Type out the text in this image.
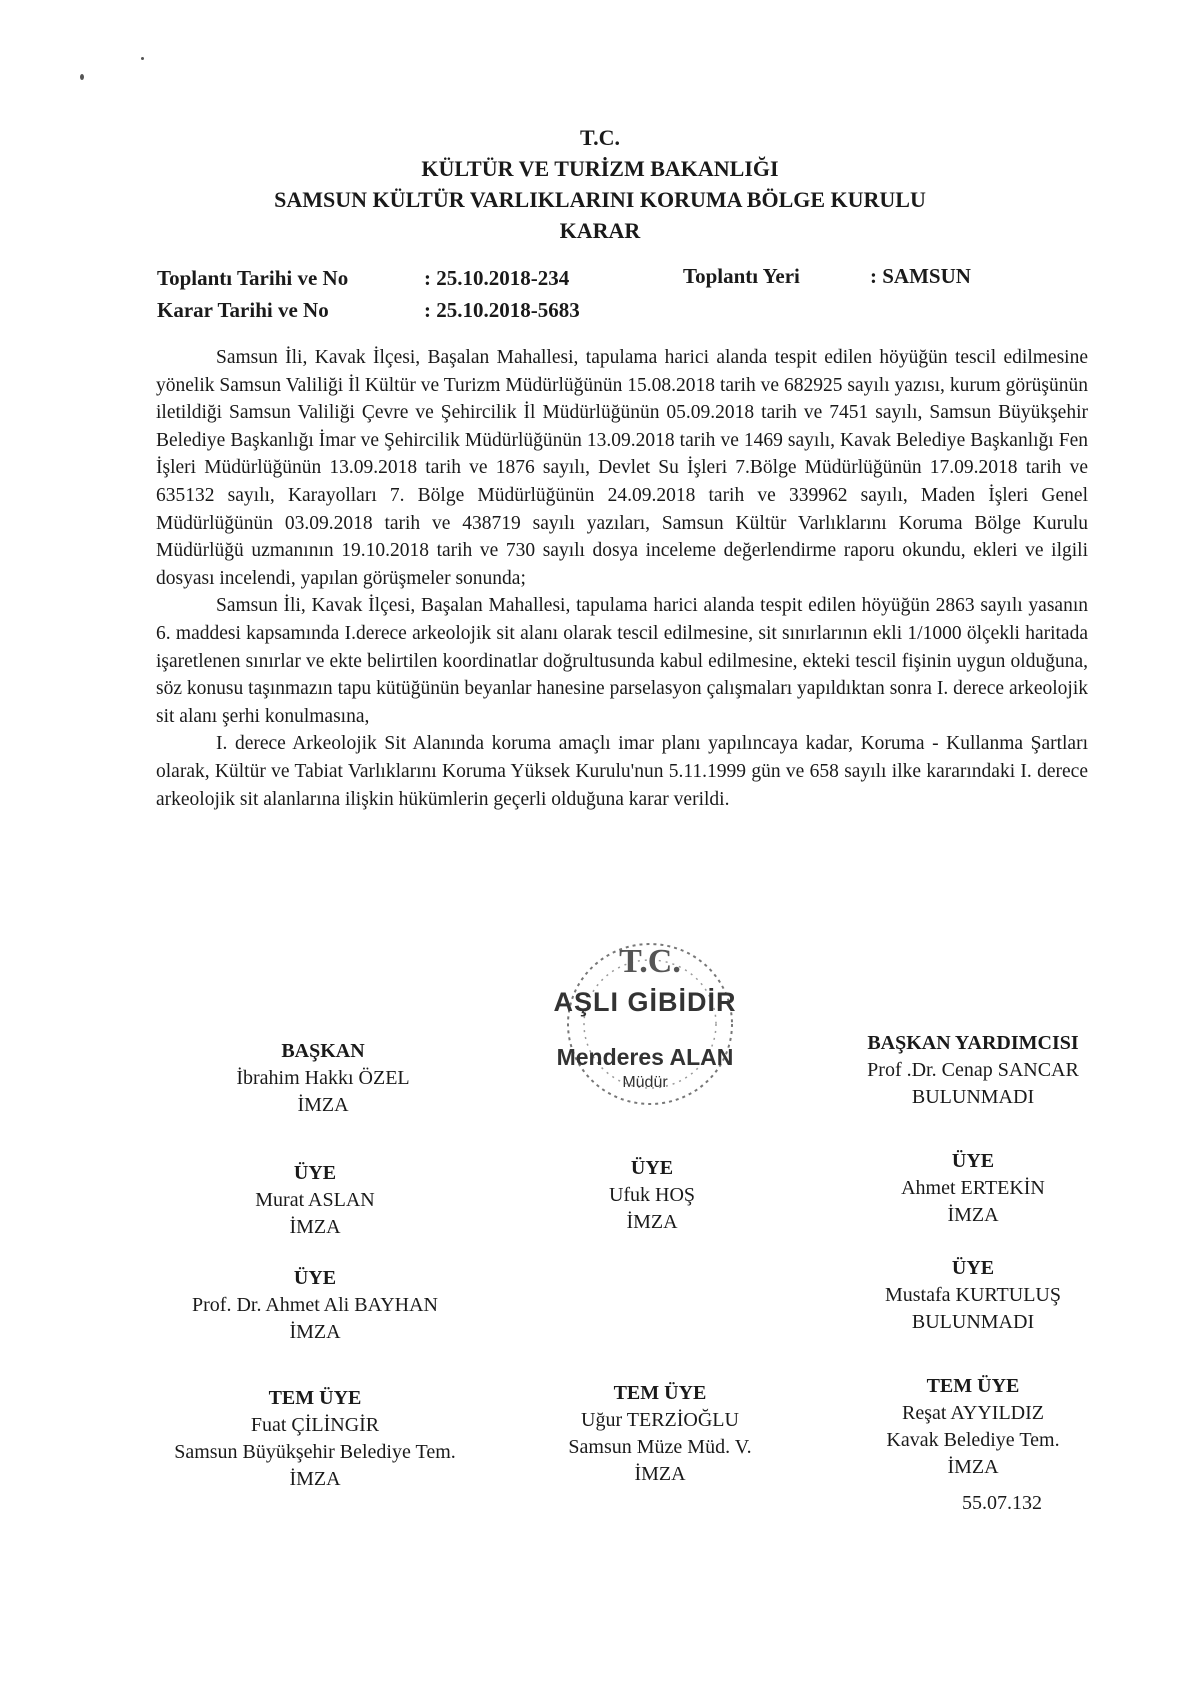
T.C.
KÜLTÜR VE TURİZM BAKANLIĞI
SAMSUN KÜLTÜR VARLIKLARINI KORUMA BÖLGE KURULU
KARAR
Toplantı Tarihi ve No	: 25.10.2018-234	Toplantı Yeri	: SAMSUN
Karar Tarihi ve No	: 25.10.2018-5683

Samsun İli, Kavak İlçesi, Başalan Mahallesi, tapulama harici alanda tespit edilen höyüğün tescil edilmesine yönelik Samsun Valiliği İl Kültür ve Turizm Müdürlüğünün 15.08.2018 tarih ve 682925 sayılı yazısı, kurum görüşünün iletildiği Samsun Valiliği Çevre ve Şehircilik İl Müdürlüğünün 05.09.2018 tarih ve 7451 sayılı, Samsun Büyükşehir Belediye Başkanlığı İmar ve Şehircilik Müdürlüğünün 13.09.2018 tarih ve 1469 sayılı, Kavak Belediye Başkanlığı Fen İşleri Müdürlüğünün 13.09.2018 tarih ve 1876 sayılı, Devlet Su İşleri 7.Bölge Müdürlüğünün 17.09.2018 tarih ve 635132 sayılı, Karayolları 7. Bölge Müdürlüğünün 24.09.2018 tarih ve 339962 sayılı, Maden İşleri Genel Müdürlüğünün 03.09.2018 tarih ve 438719 sayılı yazıları, Samsun Kültür Varlıklarını Koruma Bölge Kurulu Müdürlüğü uzmanının 19.10.2018 tarih ve 730 sayılı dosya inceleme değerlendirme raporu okundu, ekleri ve ilgili dosyası incelendi, yapılan görüşmeler sonunda;

Samsun İli, Kavak İlçesi, Başalan Mahallesi, tapulama harici alanda tespit edilen höyüğün 2863 sayılı yasanın 6. maddesi kapsamında I.derece arkeolojik sit alanı olarak tescil edilmesine, sit sınırlarının ekli 1/1000 ölçekli haritada işaretlenen sınırlar ve ekte belirtilen koordinatlar doğrultusunda kabul edilmesine, ekteki tescil fişinin uygun olduğuna, söz konusu taşınmazın tapu kütüğünün beyanlar hanesine parselasyon çalışmaları yapıldıktan sonra I. derece arkeolojik sit alanı şerhi konulmasına,

I. derece Arkeolojik Sit Alanında koruma amaçlı imar planı yapılıncaya kadar, Koruma - Kullanma Şartları olarak, Kültür ve Tabiat Varlıklarını Koruma Yüksek Kurulu'nun 5.11.1999 gün ve 658 sayılı ilke kararındaki I. derece arkeolojik sit alanlarına ilişkin hükümlerin geçerli olduğuna karar verildi.

T.C.
AŞLI GİBİDİR
Menderes ALAN
Müdür
BAŞKAN
İbrahim Hakkı ÖZEL
İMZA
BAŞKAN YARDIMCISI
Prof .Dr. Cenap SANCAR
BULUNMADI
ÜYE
Murat ASLAN
İMZA
ÜYE
Ufuk HOŞ
İMZA
ÜYE
Ahmet ERTEKİN
İMZA
ÜYE
Prof. Dr. Ahmet Ali BAYHAN
İMZA
ÜYE
Mustafa KURTULUŞ
BULUNMADI
TEM ÜYE
Fuat ÇİLİNGİR
Samsun Büyükşehir Belediye Tem.
İMZA
TEM ÜYE
Uğur TERZİOĞLU
Samsun Müze Müd. V.
İMZA
TEM ÜYE
Reşat AYYILDIZ
Kavak Belediye Tem.
İMZA
55.07.132
